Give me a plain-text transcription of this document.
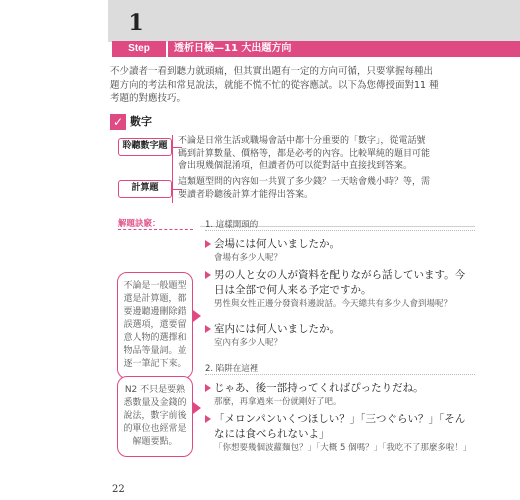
1
Step	透析日檢—11 大出題方向
不少讀者一看到聽力就頭痛，但其實出題有一定的方向可循，只要掌握每種出題方向的考法和常見說法，就能不慌不忙的從容應試。以下為您傳授面對11 種考題的對應技巧。
✓ 數字
聆聽數字題	不論是日常生活或職場會話中都十分重要的「數字」，從電話號碼到計算數量、價格等，都是必考的內容。比較單純的題目可能會出現幾個混淆項，但讀者仍可以從對話中直接找到答案。
計算題
這類題型問的內容如一共買了多少錢？一天啥會幾小時？等，需要讀者聆聽後計算才能得出答案。
解題訣竅：
不論是一般題型還是計算題，都要邊聽邊刪除錯誤選項，還要留意人物的選擇和物品等量詞。並逐一筆記下來。
N2 不只是要熟悉數量及金錢的說法，數字前後的單位也經常是解題要點。
1. 這樣開頭的
会場には何人いましたか。
會場有多少人呢？
男の人と女の人が資料を配りながら話しています。今日は全部で何人来る予定ですか。
男性與女性正邊分發資料邊說話。今天總共有多少人會到場呢？
室内には何人いましたか。
室內有多少人呢？
2. 陷阱在這裡
じゃあ、後一部持ってくればぴったりだね。
那麼，再拿過來一份就剛好了吧。
「メロンパンいくつほしい？」「三つぐらい？」「そんなには食べられないよ」
「你想要幾個波蘿麵包？」「大概 5 個嗎？」「我吃不了那麼多啦！」
22
